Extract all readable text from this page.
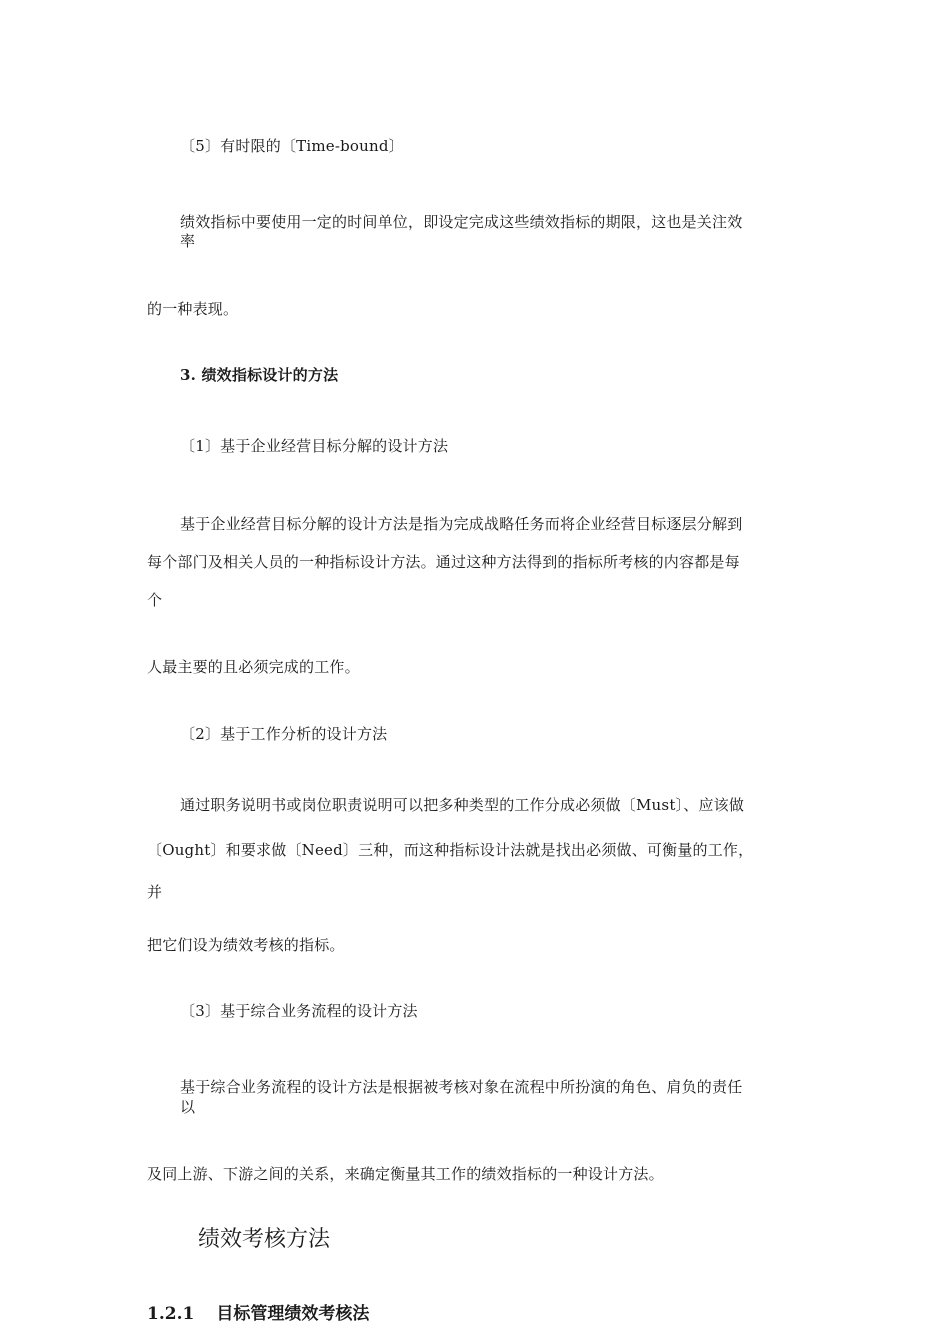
〔5〕有时限的〔Time-bound〕
绩效指标中要使用一定的时间单位，即设定完成这些绩效指标的期限，这也是关注效
率
的一种表现。
3. 绩效指标设计的方法
〔1〕基于企业经营目标分解的设计方法
基于企业经营目标分解的设计方法是指为完成战略任务而将企业经营目标逐层分解到
每个部门及相关人员的一种指标设计方法。通过这种方法得到的指标所考核的内容都是每
个
人最主要的且必须完成的工作。
〔2〕基于工作分析的设计方法
通过职务说明书或岗位职责说明可以把多种类型的工作分成必须做〔Must〕、应该做
〔Ought〕和要求做〔Need〕三种，而这种指标设计法就是找出必须做、可衡量的工作，
并
把它们设为绩效考核的指标。
〔3〕基于综合业务流程的设计方法
基于综合业务流程的设计方法是根据被考核对象在流程中所扮演的角色、肩负的责任
以
及同上游、下游之间的关系，来确定衡量其工作的绩效指标的一种设计方法。
绩效考核方法
1.2.1 目标管理绩效考核法
